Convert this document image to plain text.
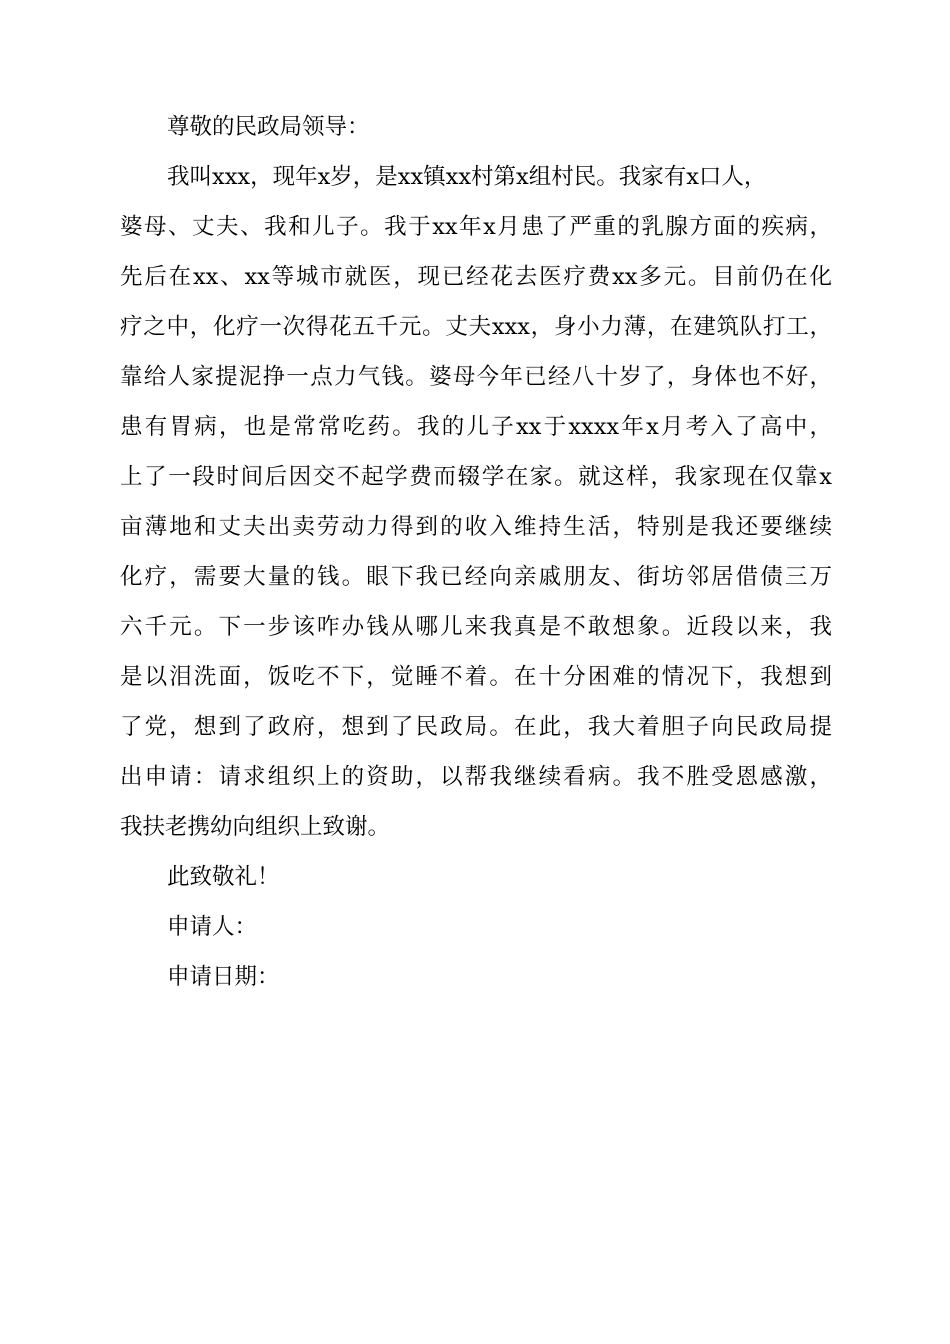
尊敬的民政局领导：
我叫xxx，现年x岁，是xx镇xx村第x组村民。我家有x口人，
婆母、丈夫、我和儿子。我于xx年x月患了严重的乳腺方面的疾病，
先后在xx、xx等城市就医，现已经花去医疗费xx多元。目前仍在化
疗之中，化疗一次得花五千元。丈夫xxx，身小力薄，在建筑队打工，
靠给人家提泥挣一点力气钱。婆母今年已经八十岁了，身体也不好，
患有胃病，也是常常吃药。我的儿子xx于xxxx年x月考入了高中，
上了一段时间后因交不起学费而辍学在家。就这样，我家现在仅靠x
亩薄地和丈夫出卖劳动力得到的收入维持生活，特别是我还要继续
化疗，需要大量的钱。眼下我已经向亲戚朋友、街坊邻居借债三万
六千元。下一步该咋办钱从哪儿来我真是不敢想象。近段以来，我
是以泪洗面，饭吃不下，觉睡不着。在十分困难的情况下，我想到
了党，想到了政府，想到了民政局。在此，我大着胆子向民政局提
出申请：请求组织上的资助，以帮我继续看病。我不胜受恩感激，
我扶老携幼向组织上致谢。
此致敬礼！
申请人：
申请日期：
